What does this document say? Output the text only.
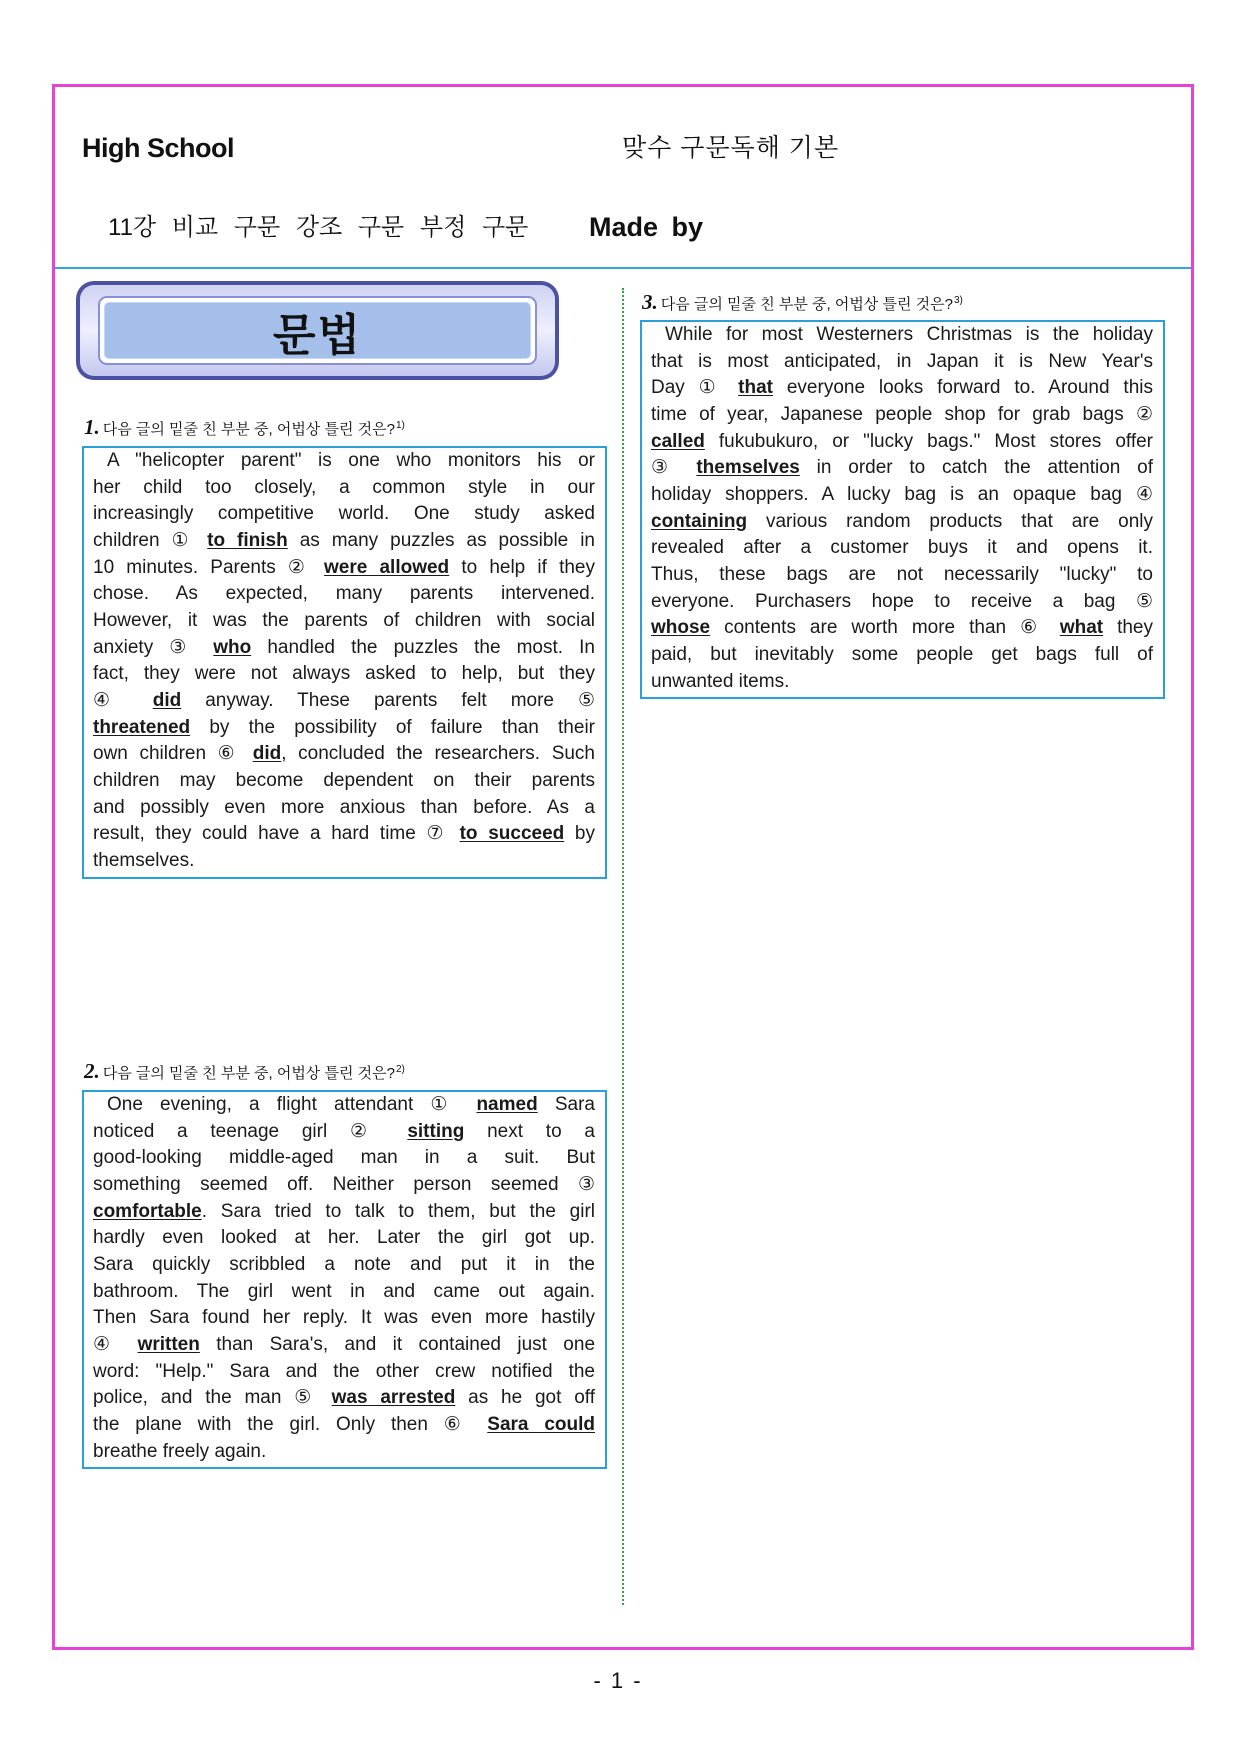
High School	맞수 구문독해 기본
11강 비교 구문 강조 구문 부정 구문 Made by
문법
1. 다음 글의 밑줄 친 부분 중, 어법상 틀린 것은?$^{1)}$
A "helicopter parent" is one who monitors his or
her child too closely, a common style in our
increasingly competitive world. One study asked
children ① to finish as many puzzles as possible in
10 minutes. Parents ② were allowed to help if they
chose. As expected, many parents intervened.
However, it was the parents of children with social
anxiety ③ who handled the puzzles the most. In
fact, they were not always asked to help, but they
④ did anyway. These parents felt more ⑤
threatened by the possibility of failure than their
own children ⑥ did, concluded the researchers. Such
children may become dependent on their parents
and possibly even more anxious than before. As a
result, they could have a hard time ⑦ to succeed by
themselves.
2. 다음 글의 밑줄 친 부분 중, 어법상 틀린 것은?$^{2)}$
One evening, a flight attendant ① named Sara
noticed a teenage girl ② sitting next to a
good-looking middle-aged man in a suit. But
something seemed off. Neither person seemed ③
comfortable. Sara tried to talk to them, but the girl
hardly even looked at her. Later the girl got up.
Sara quickly scribbled a note and put it in the
bathroom. The girl went in and came out again.
Then Sara found her reply. It was even more hastily
④ written than Sara's, and it contained just one
word: "Help." Sara and the other crew notified the
police, and the man ⑤ was arrested as he got off
the plane with the girl. Only then ⑥ Sara could
breathe freely again.
3. 다음 글의 밑줄 친 부분 중, 어법상 틀린 것은?$^{3)}$
While for most Westerners Christmas is the holiday
that is most anticipated, in Japan it is New Year's
Day ① that everyone looks forward to. Around this
time of year, Japanese people shop for grab bags ②
called fukubukuro, or "lucky bags." Most stores offer
③ themselves in order to catch the attention of
holiday shoppers. A lucky bag is an opaque bag ④
containing various random products that are only
revealed after a customer buys it and opens it.
Thus, these bags are not necessarily "lucky" to
everyone. Purchasers hope to receive a bag ⑤
whose contents are worth more than ⑥ what they
paid, but inevitably some people get bags full of
unwanted items.
- 1 -
